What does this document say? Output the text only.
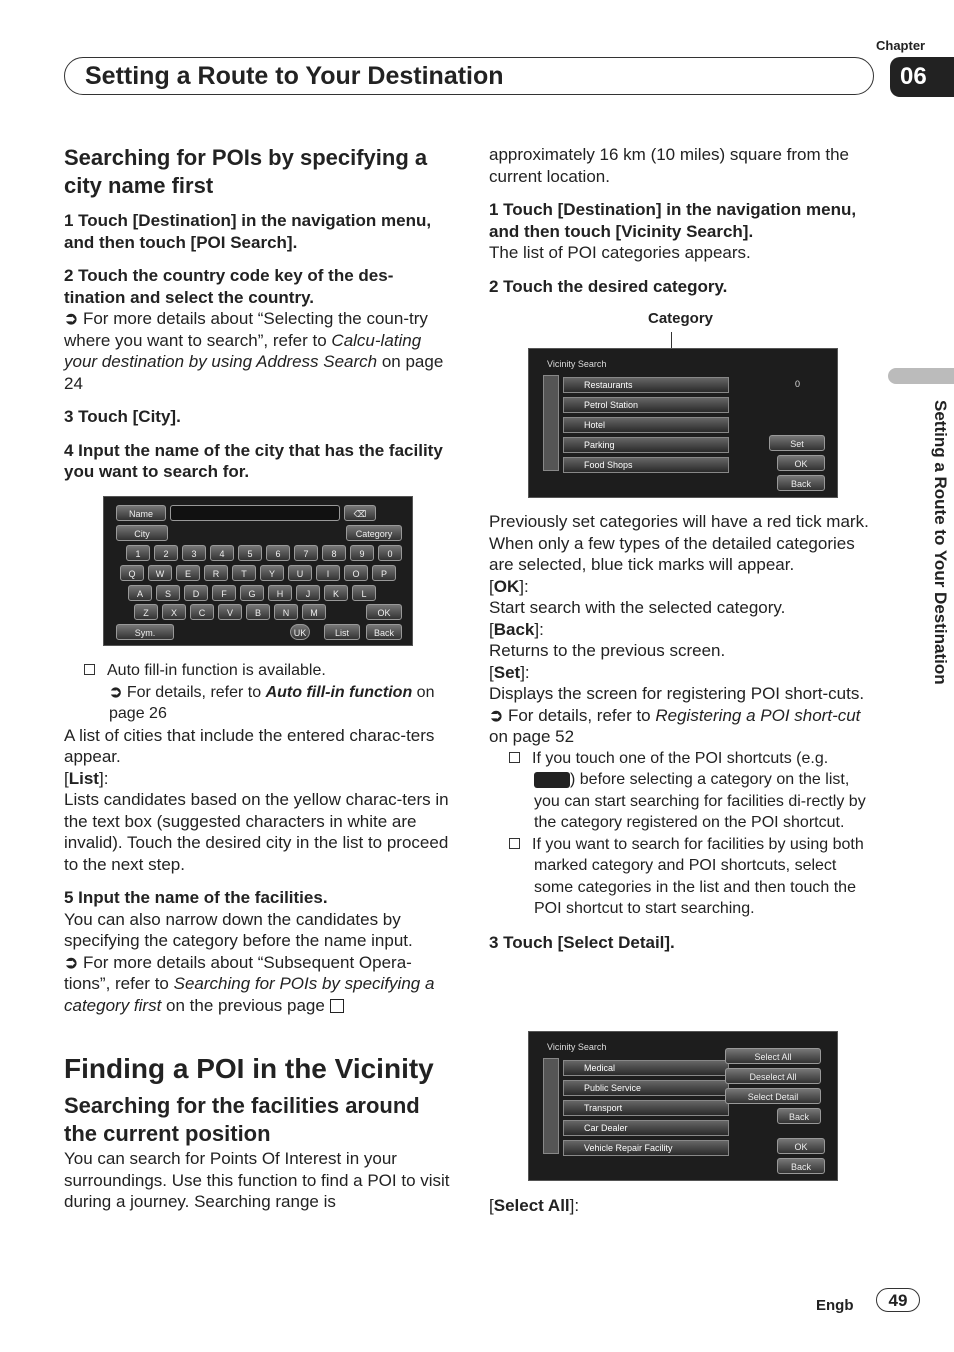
Chapter
06
Setting a Route to Your Destination
Setting a Route to Your Destination

Searching for POIs by specifying a city name first

1 Touch [Destination] in the navigation menu, and then touch [POI Search].

2 Touch the country code key of the des-tination and select the country.

➲ For more details about “Selecting the coun-try where you want to search”, refer to Calcu-lating your destination by using Address Search on page 24

3 Touch [City].

4 Input the name of the city that has the facility you want to search for.

Name	⌫
City	Category
1	2	3	4	5	6	7	8	9	0
Q	W	E	R	T	Y	U	I	O	P
A	S	D	F	G	H	J	K	L
Z	X	C	V	B	N	M	OK
Sym.	UK	List	Back

Auto fill-in function is available.

➲ For details, refer to Auto fill-in function on page 26

A list of cities that include the entered charac-ters appear.

[List]:

Lists candidates based on the yellow charac-ters in the text box (suggested characters in white are invalid). Touch the desired city in the list to proceed to the next step.

5 Input the name of the facilities.

You can also narrow down the candidates by specifying the category before the name input.

➲ For more details about “Subsequent Opera-tions”, refer to Searching for POIs by specifying a category first on the previous page

Finding a POI in the Vicinity

Searching for the facilities around the current position

You can search for Points Of Interest in your surroundings. Use this function to find a POI to visit during a journey. Searching range is

approximately 16 km (10 miles) square from the current location.

1 Touch [Destination] in the navigation menu, and then touch [Vicinity Search].

The list of POI categories appears.

2 Touch the desired category.

Category
Vicinity Search
Restaurants
Petrol Station
Hotel
Parking
Food Shops
0
Set
OK
Back

Previously set categories will have a red tick mark. When only a few types of the detailed categories are selected, blue tick marks will appear.

[OK]:

Start search with the selected category.

[Back]:

Returns to the previous screen.

[Set]:

Displays the screen for registering POI short-cuts.

➲ For details, refer to Registering a POI short-cut on page 52

If you touch one of the POI shortcuts (e.g.
) before selecting a category on the list, you can start searching for facilities di-rectly by the category registered on the POI shortcut.

If you want to search for facilities by using both marked category and POI shortcuts, select some categories in the list and then touch the POI shortcut to start searching.

3 Touch [Select Detail].

Vicinity Search
Medical
Public Service
Transport
Car Dealer
Vehicle Repair Facility
Select All
Deselect All
Select Detail
Back
OK
Back

[Select All]:

Engb	49
